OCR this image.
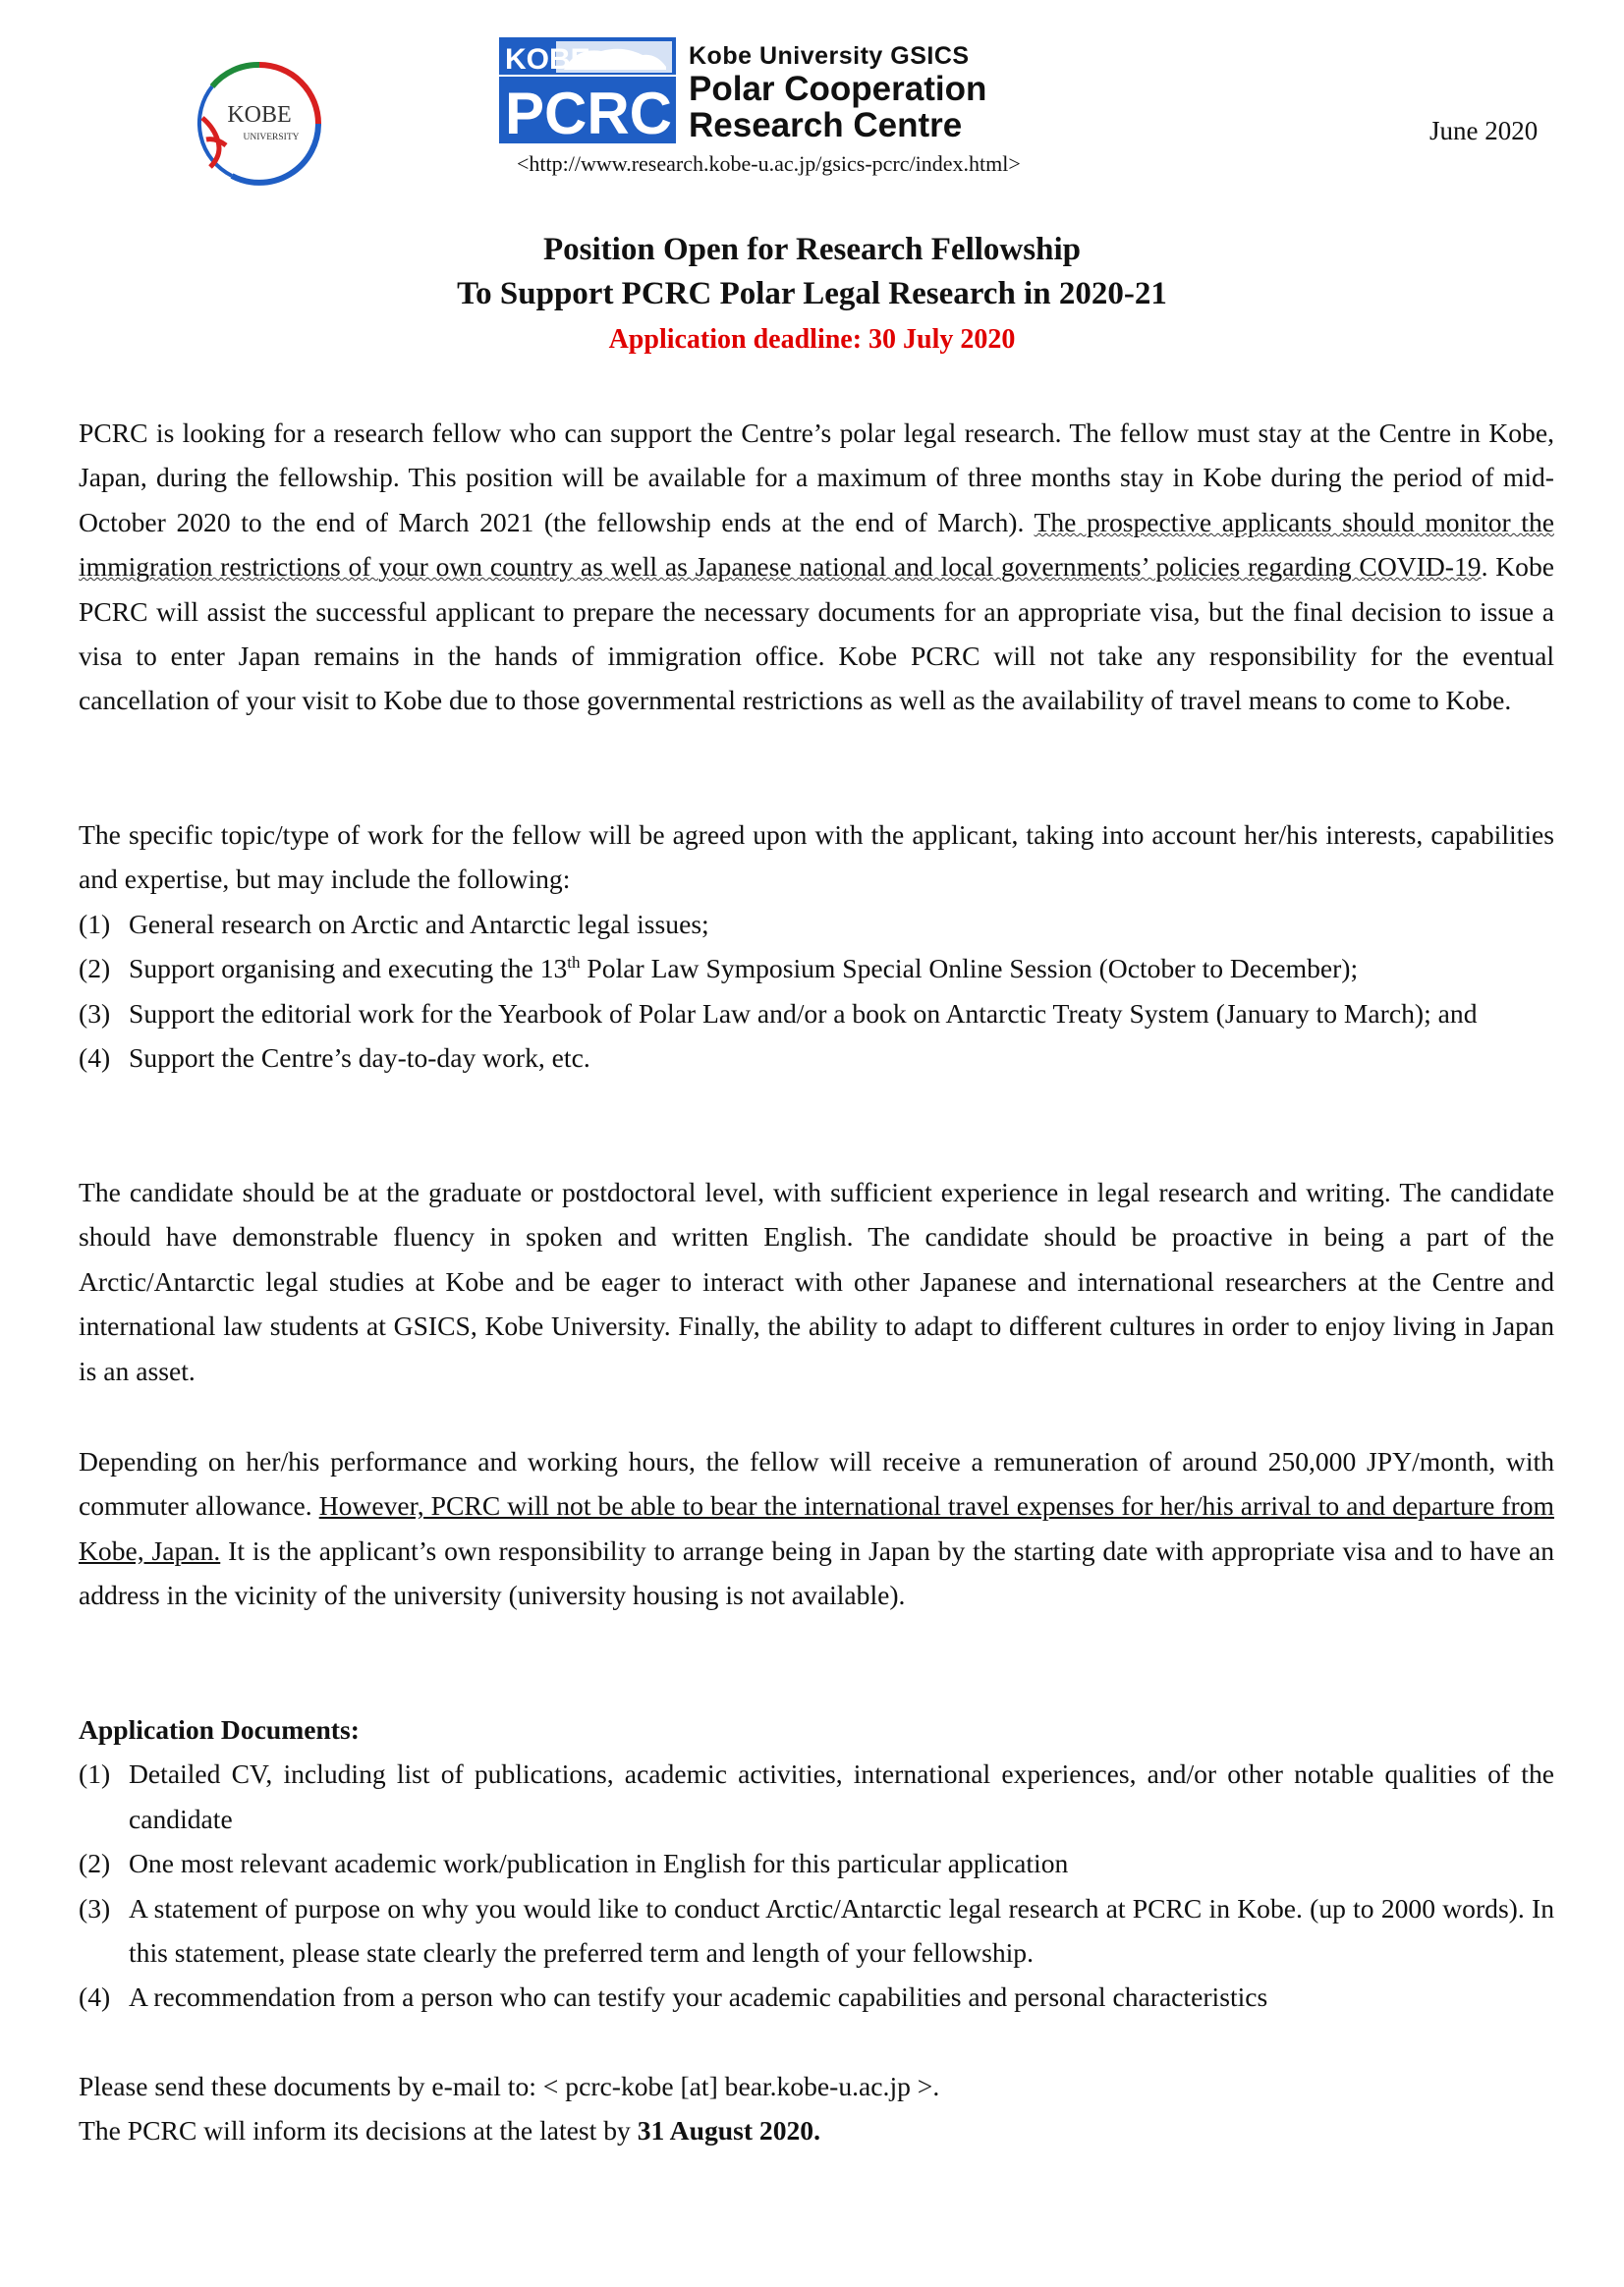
KOBE
UNIVERSITY
KOBE
PCRC
Kobe University GSICS
Polar Cooperation
Research Centre
<http://www.research.kobe-u.ac.jp/gsics-pcrc/index.html>
June 2020
Position Open for Research Fellowship
To Support PCRC Polar Legal Research in 2020-21
Application deadline: 30 July 2020
PCRC is looking for a research fellow who can support the Centre’s polar legal research. The fellow must stay at the Centre in Kobe, Japan, during the fellowship. This position will be available for a maximum of three months stay in Kobe during the period of mid-October 2020 to the end of March 2021 (the fellowship ends at the end of March). The prospective applicants should monitor the immigration restrictions of your own country as well as Japanese national and local governments’ policies regarding COVID-19. Kobe PCRC will assist the successful applicant to prepare the necessary documents for an appropriate visa, but the final decision to issue a visa to enter Japan remains in the hands of immigration office. Kobe PCRC will not take any responsibility for the eventual cancellation of your visit to Kobe due to those governmental restrictions as well as the availability of travel means to come to Kobe.
The specific topic/type of work for the fellow will be agreed upon with the applicant, taking into account her/his interests, capabilities and expertise, but may include the following:
(1) General research on Arctic and Antarctic legal issues;
(2) Support organising and executing the 13th Polar Law Symposium Special Online Session (October to December);
(3) Support the editorial work for the Yearbook of Polar Law and/or a book on Antarctic Treaty System (January to March); and
(4) Support the Centre’s day-to-day work, etc.
The candidate should be at the graduate or postdoctoral level, with sufficient experience in legal research and writing. The candidate should have demonstrable fluency in spoken and written English. The candidate should be proactive in being a part of the Arctic/Antarctic legal studies at Kobe and be eager to interact with other Japanese and international researchers at the Centre and international law students at GSICS, Kobe University. Finally, the ability to adapt to different cultures in order to enjoy living in Japan is an asset.
Depending on her/his performance and working hours, the fellow will receive a remuneration of around 250,000 JPY/month, with commuter allowance. However, PCRC will not be able to bear the international travel expenses for her/his arrival to and departure from Kobe, Japan. It is the applicant’s own responsibility to arrange being in Japan by the starting date with appropriate visa and to have an address in the vicinity of the university (university housing is not available).
Application Documents:
(1) Detailed CV, including list of publications, academic activities, international experiences, and/or other notable qualities of the candidate
(2) One most relevant academic work/publication in English for this particular application
(3) A statement of purpose on why you would like to conduct Arctic/Antarctic legal research at PCRC in Kobe. (up to 2000 words). In this statement, please state clearly the preferred term and length of your fellowship.
(4) A recommendation from a person who can testify your academic capabilities and personal characteristics
Please send these documents by e-mail to: < pcrc-kobe [at] bear.kobe-u.ac.jp >.
The PCRC will inform its decisions at the latest by 31 August 2020.
